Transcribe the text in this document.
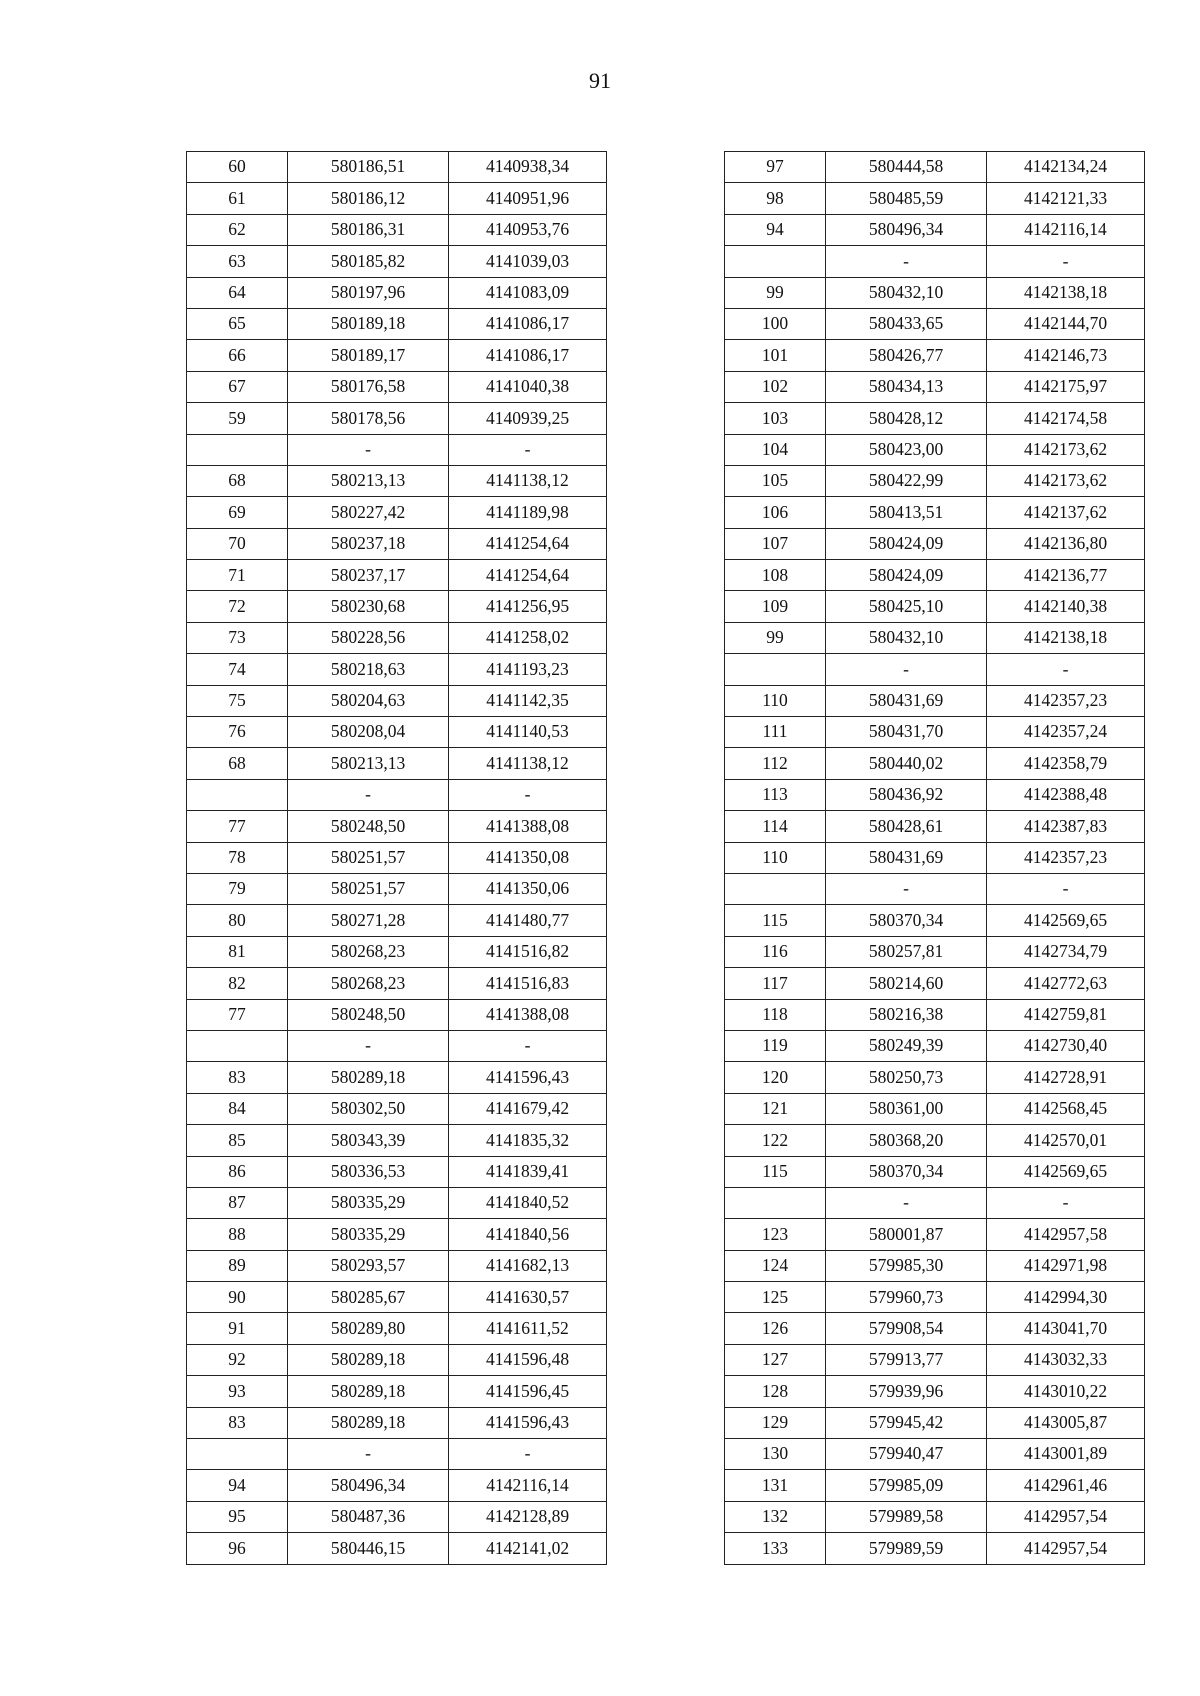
91
60	580186,51	4140938,34
61	580186,12	4140951,96
62	580186,31	4140953,76
63	580185,82	4141039,03
64	580197,96	4141083,09
65	580189,18	4141086,17
66	580189,17	4141086,17
67	580176,58	4141040,38
59	580178,56	4140939,25
	-	-
68	580213,13	4141138,12
69	580227,42	4141189,98
70	580237,18	4141254,64
71	580237,17	4141254,64
72	580230,68	4141256,95
73	580228,56	4141258,02
74	580218,63	4141193,23
75	580204,63	4141142,35
76	580208,04	4141140,53
68	580213,13	4141138,12
	-	-
77	580248,50	4141388,08
78	580251,57	4141350,08
79	580251,57	4141350,06
80	580271,28	4141480,77
81	580268,23	4141516,82
82	580268,23	4141516,83
77	580248,50	4141388,08
	-	-
83	580289,18	4141596,43
84	580302,50	4141679,42
85	580343,39	4141835,32
86	580336,53	4141839,41
87	580335,29	4141840,52
88	580335,29	4141840,56
89	580293,57	4141682,13
90	580285,67	4141630,57
91	580289,80	4141611,52
92	580289,18	4141596,48
93	580289,18	4141596,45
83	580289,18	4141596,43
	-	-
94	580496,34	4142116,14
95	580487,36	4142128,89
96	580446,15	4142141,02
97	580444,58	4142134,24
98	580485,59	4142121,33
94	580496,34	4142116,14
	-	-
99	580432,10	4142138,18
100	580433,65	4142144,70
101	580426,77	4142146,73
102	580434,13	4142175,97
103	580428,12	4142174,58
104	580423,00	4142173,62
105	580422,99	4142173,62
106	580413,51	4142137,62
107	580424,09	4142136,80
108	580424,09	4142136,77
109	580425,10	4142140,38
99	580432,10	4142138,18
	-	-
110	580431,69	4142357,23
111	580431,70	4142357,24
112	580440,02	4142358,79
113	580436,92	4142388,48
114	580428,61	4142387,83
110	580431,69	4142357,23
	-	-
115	580370,34	4142569,65
116	580257,81	4142734,79
117	580214,60	4142772,63
118	580216,38	4142759,81
119	580249,39	4142730,40
120	580250,73	4142728,91
121	580361,00	4142568,45
122	580368,20	4142570,01
115	580370,34	4142569,65
	-	-
123	580001,87	4142957,58
124	579985,30	4142971,98
125	579960,73	4142994,30
126	579908,54	4143041,70
127	579913,77	4143032,33
128	579939,96	4143010,22
129	579945,42	4143005,87
130	579940,47	4143001,89
131	579985,09	4142961,46
132	579989,58	4142957,54
133	579989,59	4142957,54
